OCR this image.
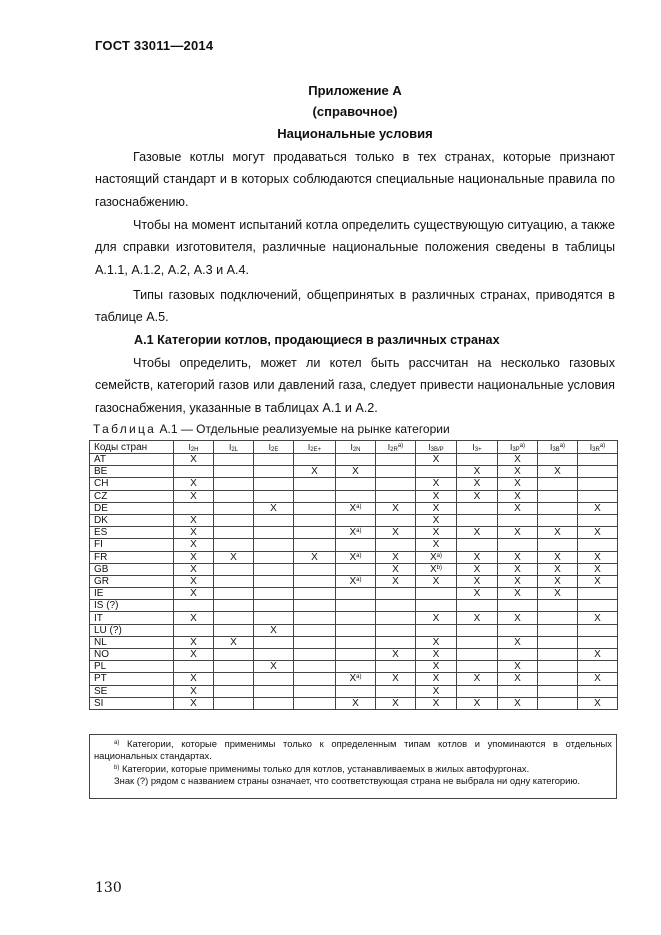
ГОСТ 33011—2014
Приложение А
(справочное)
Национальные условия

Газовые котлы могут продаваться только в тех странах, которые признают настоящий стандарт и в которых соблюдаются специальные национальные правила по газоснабжению.

Чтобы на момент испытаний котла определить существующую ситуацию, а также для справки изготовителя, различные национальные положения сведены в таблицы А.1.1, А.1.2, А.2, А.3 и А.4.

Типы газовых подключений, общепринятых в различных странах, приводятся в таблице А.5.

А.1 Категории котлов, продающиеся в различных странах

Чтобы определить, может ли котел быть рассчитан на несколько газовых семейств, категорий газов или давлений газа, следует привести национальные условия газоснабжения, указанные в таблицах А.1 и А.2.

Таблица А.1 — Отдельные реализуемые на рынке категории
Коды стран	$I_{2H}$	$I_{2L}$	$I_{2E}$	$I_{2E+}$	$I_{2N}$	$I_{2R}^{a)}$	$I_{3B/P}$	$I_{3+}$	$I_{3P}^{a)}$	$I_{3B}^{a)}$	$I_{3R}^{a)}$
AT	X						X		X		
BE				X	X			X	X	X	
CH	X						X	X	X		
CZ	X						X	X	X		
DE			X		$X^{a)}$	X	X		X		X
DK	X						X				
ES	X				$X^{a)}$	X	X	X	X	X	X
FI	X						X				
FR	X	X		X	$X^{a)}$	X	$X^{a)}$	X	X	X	X
GB	X					X	$X^{b)}$	X	X	X	X
GR	X				$X^{a)}$	X	X	X	X	X	X
IE	X							X	X	X	
IS (?)											
IT	X						X	X	X		X
LU (?)			X								
NL	X	X					X		X		
NO	X					X	X				X
PL			X				X		X		
PT	X				$X^{a)}$	X	X	X	X		X
SE	X						X				
SI	X				X	X	X	X	X		X

$^{a)}$ Категории, которые применимы только к определенным типам котлов и упоминаются в отдельных национальных стандартах.

$^{b)}$ Категории, которые применимы только для котлов, устанавливаемых в жилых автофургонах.

Знак (?) рядом с названием страны означает, что соответствующая страна не выбрала ни одну категорию.

130
